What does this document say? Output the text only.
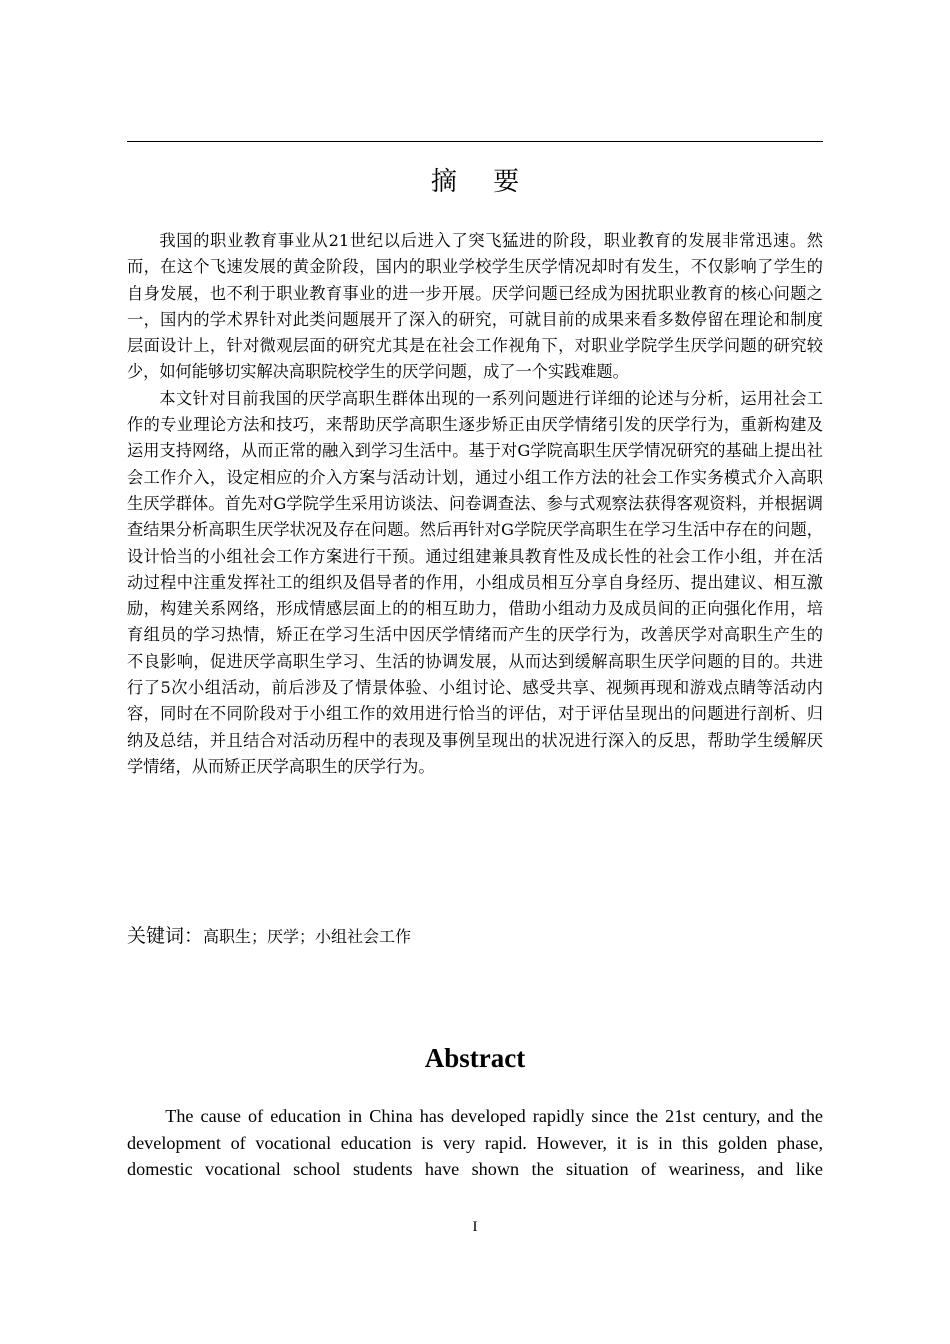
摘 要

我国的职业教育事业从21世纪以后进入了突飞猛进的阶段，职业教育的发展非常迅速。然而，在这个飞速发展的黄金阶段，国内的职业学校学生厌学情况却时有发生，不仅影响了学生的自身发展，也不利于职业教育事业的进一步开展。厌学问题已经成为困扰职业教育的核心问题之一，国内的学术界针对此类问题展开了深入的研究，可就目前的成果来看多数停留在理论和制度层面设计上，针对微观层面的研究尤其是在社会工作视角下，对职业学院学生厌学问题的研究较少，如何能够切实解决高职院校学生的厌学问题，成了一个实践难题。

本文针对目前我国的厌学高职生群体出现的一系列问题进行详细的论述与分析，运用社会工作的专业理论方法和技巧，来帮助厌学高职生逐步矫正由厌学情绪引发的厌学行为，重新构建及运用支持网络，从而正常的融入到学习生活中。基于对G学院高职生厌学情况研究的基础上提出社会工作介入，设定相应的介入方案与活动计划，通过小组工作方法的社会工作实务模式介入高职生厌学群体。首先对G学院学生采用访谈法、问卷调查法、参与式观察法获得客观资料，并根据调查结果分析高职生厌学状况及存在问题。然后再针对G学院厌学高职生在学习生活中存在的问题，设计恰当的小组社会工作方案进行干预。通过组建兼具教育性及成长性的社会工作小组，并在活动过程中注重发挥社工的组织及倡导者的作用，小组成员相互分享自身经历、提出建议、相互激励，构建关系网络，形成情感层面上的的相互助力，借助小组动力及成员间的正向强化作用，培育组员的学习热情，矫正在学习生活中因厌学情绪而产生的厌学行为，改善厌学对高职生产生的不良影响，促进厌学高职生学习、生活的协调发展，从而达到缓解高职生厌学问题的目的。共进行了5次小组活动，前后涉及了情景体验、小组讨论、感受共享、视频再现和游戏点睛等活动内容，同时在不同阶段对于小组工作的效用进行恰当的评估，对于评估呈现出的问题进行剖析、归纳及总结，并且结合对活动历程中的表现及事例呈现出的状况进行深入的反思，帮助学生缓解厌学情绪，从而矫正厌学高职生的厌学行为。

关键词：高职生；厌学；小组社会工作
Abstract

The cause of education in China has developed rapidly since the 21st century, and the development of vocational education is very rapid. However, it is in this golden phase, domestic vocational school students have shown the situation of weariness, and like

I
